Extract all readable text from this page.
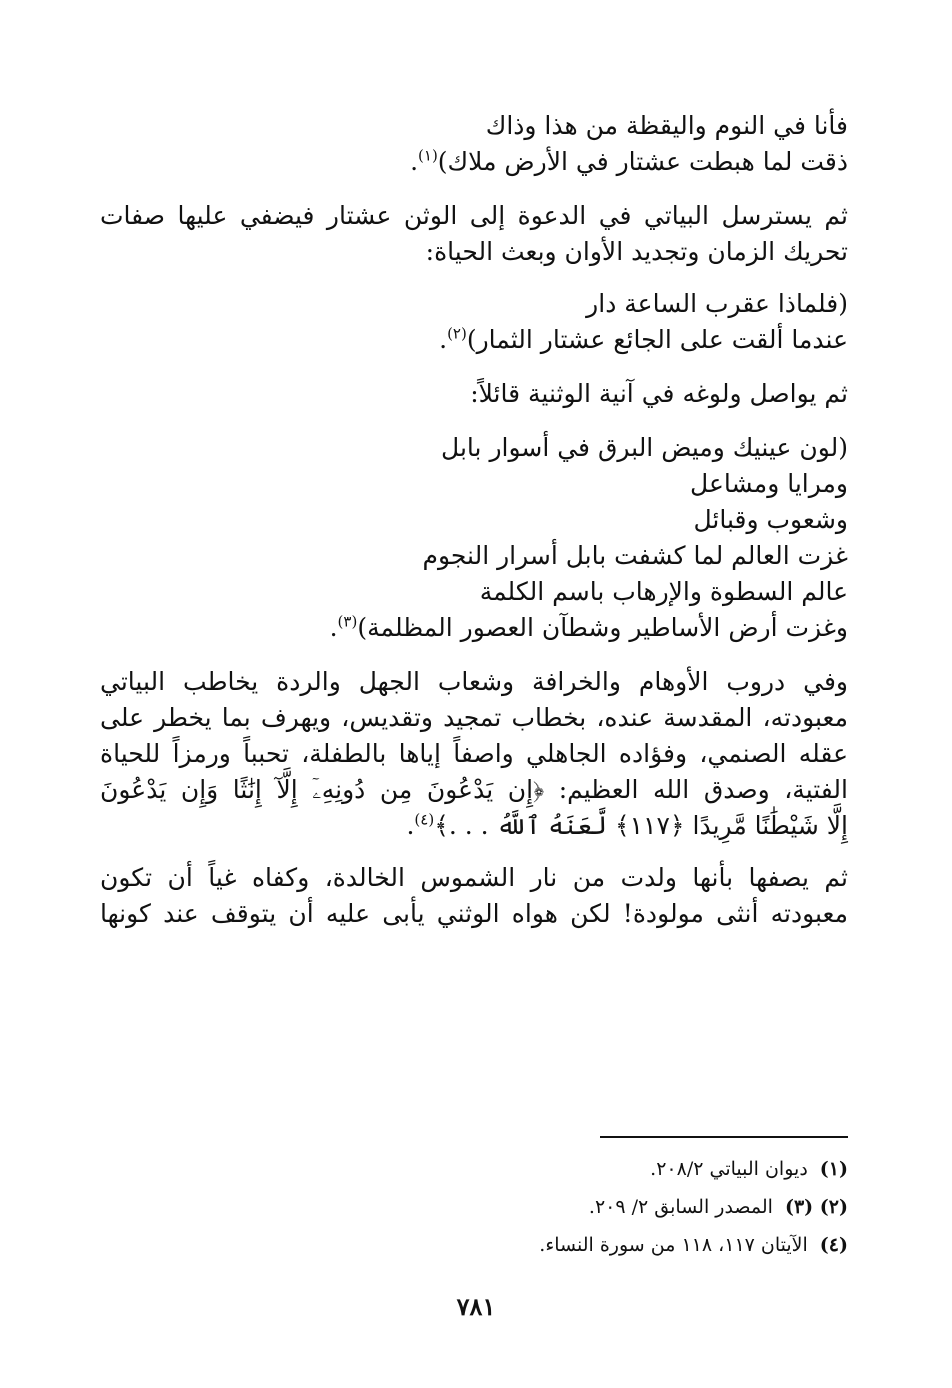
فأنا في النوم واليقظة من هذا وذاك
ذقت لما هبطت عشتار في الأرض ملاك)$^{(١)}$.
ثم يسترسل البياتي في الدعوة إلى الوثن عشتار فيضفي عليها صفات
تحريك الزمان وتجديد الأوان وبعث الحياة:
(فلماذا عقرب الساعة دار
عندما ألقت على الجائع عشتار الثمار)$^{(٢)}$.
ثم يواصل ولوغه في آنية الوثنية قائلاً:
(لون عينيك وميض البرق في أسوار بابل
ومرايا ومشاعل
وشعوب وقبائل
غزت العالم لما كشفت بابل أسرار النجوم
عالم السطوة والإرهاب باسم الكلمة
وغزت أرض الأساطير وشطآن العصور المظلمة)$^{(٣)}$.
وفي دروب الأوهام والخرافة وشعاب الجهل والردة يخاطب البياتي
معبودته، المقدسة عنده، بخطاب تمجيد وتقديس، ويهرف بما يخطر على
عقله الصنمي، وفؤاده الجاهلي واصفاً إياها بالطفلة، تحبباً ورمزاً للحياة
الفتية، وصدق الله العظيم: ﴿إِن يَدْعُونَ مِن دُونِهِۦٓ إِلَّآ إِنَٰثًا وَإِن يَدْعُونَ
إِلَّا شَيْطَٰنًا مَّرِيدًا ﴿١١٧﴾ لَّعَنَهُ ٱللَّهُ . . .﴾$^{(٤)}$.
ثم يصفها بأنها ولدت من نار الشموس الخالدة، وكفاه غياً أن تكون
معبودته أنثى مولودة! لكن هواه الوثني يأبى عليه أن يتوقف عند كونها
(١)ديوان البياتي ٢٠٨/٢.
(٢) (٣)المصدر السابق ٢/ ٢٠٩.
(٤)الآيتان ١١٧، ١١٨ من سورة النساء.
٧٨١
